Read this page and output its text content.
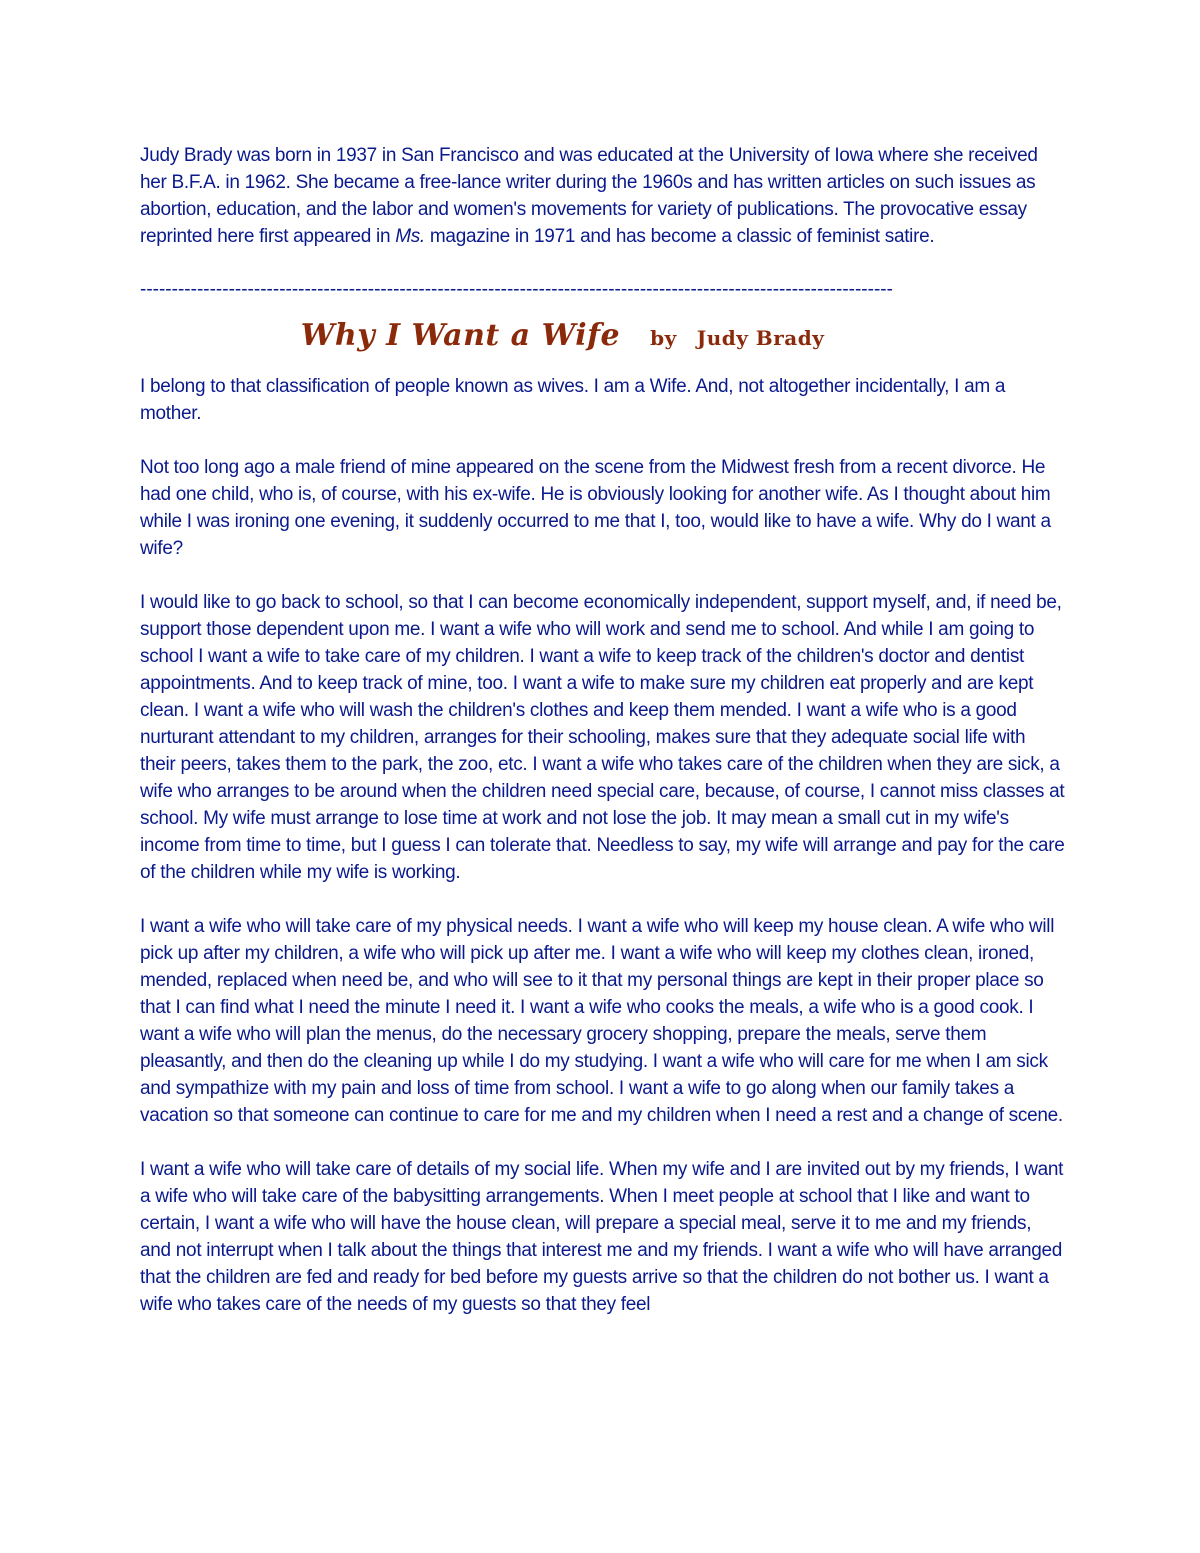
Judy Brady was born in 1937 in San Francisco and was educated at the University of Iowa where she received her B.F.A. in 1962. She became a free-lance writer during the 1960s and has written articles on such issues as abortion, education, and the labor and women's movements for variety of publications. The provocative essay reprinted here first appeared in Ms. magazine in 1971 and has become a classic of feminist satire.

-----------------------------------------------------------------------------------------------------------------------
Why I Want a Wife by Judy Brady

I belong to that classification of people known as wives. I am a Wife. And, not altogether incidentally, I am a mother.

Not too long ago a male friend of mine appeared on the scene from the Midwest fresh from a recent divorce. He had one child, who is, of course, with his ex-wife. He is obviously looking for another wife. As I thought about him while I was ironing one evening, it suddenly occurred to me that I, too, would like to have a wife. Why do I want a wife?

I would like to go back to school, so that I can become economically independent, support myself, and, if need be, support those dependent upon me. I want a wife who will work and send me to school. And while I am going to school I want a wife to take care of my children. I want a wife to keep track of the children's doctor and dentist appointments. And to keep track of mine, too. I want a wife to make sure my children eat properly and are kept clean. I want a wife who will wash the children's clothes and keep them mended. I want a wife who is a good nurturant attendant to my children, arranges for their schooling, makes sure that they adequate social life with their peers, takes them to the park, the zoo, etc. I want a wife who takes care of the children when they are sick, a wife who arranges to be around when the children need special care, because, of course, I cannot miss classes at school. My wife must arrange to lose time at work and not lose the job. It may mean a small cut in my wife's income from time to time, but I guess I can tolerate that. Needless to say, my wife will arrange and pay for the care of the children while my wife is working.

I want a wife who will take care of my physical needs. I want a wife who will keep my house clean. A wife who will pick up after my children, a wife who will pick up after me. I want a wife who will keep my clothes clean, ironed, mended, replaced when need be, and who will see to it that my personal things are kept in their proper place so that I can find what I need the minute I need it. I want a wife who cooks the meals, a wife who is a good cook. I want a wife who will plan the menus, do the necessary grocery shopping, prepare the meals, serve them pleasantly, and then do the cleaning up while I do my studying. I want a wife who will care for me when I am sick and sympathize with my pain and loss of time from school. I want a wife to go along when our family takes a vacation so that someone can continue to care for me and my children when I need a rest and a change of scene.

I want a wife who will take care of details of my social life. When my wife and I are invited out by my friends, I want a wife who will take care of the babysitting arrangements. When I meet people at school that I like and want to certain, I want a wife who will have the house clean, will prepare a special meal, serve it to me and my friends, and not interrupt when I talk about the things that interest me and my friends. I want a wife who will have arranged that the children are fed and ready for bed before my guests arrive so that the children do not bother us. I want a wife who takes care of the needs of my guests so that they feel
